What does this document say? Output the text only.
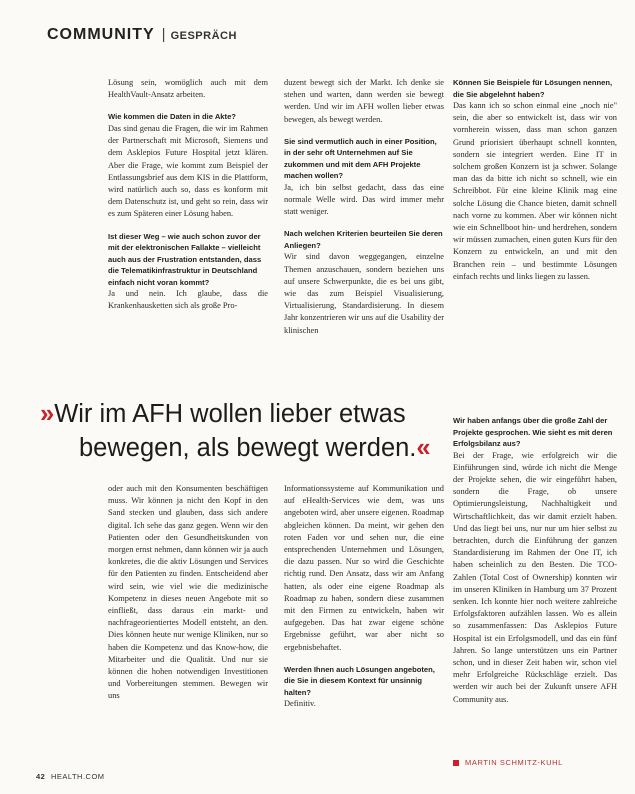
COMMUNITY | GESPRÄCH

Lösung sein, womöglich auch mit dem HealthVault-Ansatz arbeiten.

Wie kommen die Daten in die Akte?

Das sind genau die Fragen, die wir im Rahmen der Partnerschaft mit Microsoft, Siemens und dem Asklepios Future Hospital jetzt klären. Aber die Frage, wie kommt zum Beispiel der Entlassungsbrief aus dem KIS in die Plattform, wird natürlich auch so, dass es konform mit dem Datenschutz ist, und geht so rein, dass wir es zum Späteren einer Lösung haben.

Ist dieser Weg – wie auch schon zuvor der mit der elektronischen Fallakte – vielleicht auch aus der Frustration entstanden, dass die Telematikinfrastruktur in Deutschland einfach nicht voran kommt?

Ja und nein. Ich glaube, dass die Krankenhausketten sich als große Pro-

duzent bewegt sich der Markt. Ich denke sie stehen und warten, dann werden sie bewegt werden. Und wir im AFH wollen lieber etwas bewegen, als bewegt werden.

Sie sind vermutlich auch in einer Position, in der sehr oft Unternehmen auf Sie zukommen und mit dem AFH Projekte machen wollen?

Ja, ich bin selbst gedacht, dass das eine normale Welle wird. Das wird immer mehr statt weniger.

Nach welchen Kriterien beurteilen Sie deren Anliegen?

Wir sind davon weggegangen, einzelne Themen anzuschauen, sondern beziehen uns auf unsere Schwerpunkte, die es bei uns gibt, wie das zum Beispiel Visualisierung, Virtualisierung, Standardisierung. In diesem Jahr konzentrieren wir uns auf die Usability der klinischen

Können Sie Beispiele für Lösungen nennen, die Sie abgelehnt haben?

Das kann ich so schon einmal eine „noch nie" sein, die aber so entwickelt ist, dass wir von vornherein wissen, dass man schon ganzen Grund priorisiert überhaupt schnell konnten, sondern sie integriert werden. Eine IT in solchem großen Konzern ist ja schwer. Solange man das da bitte ich nicht so schnell, wie ein Schreibbot. Für eine kleine Klinik mag eine solche Lösung die Chance bieten, damit schnell nach vorne zu kommen. Aber wir können nicht wie ein Schnellboot hin- und herdrehen, sondern wir müssen zumachen, einen guten Kurs für den Konzern zu entwickeln, an und mit den Branchen rein – und bestimmte Lösungen einfach rechts und links liegen zu lassen.

»Wir im AFH wollen lieber etwas
bewegen, als bewegt werden.«

oder auch mit den Konsumenten beschäftigen muss. Wir können ja nicht den Kopf in den Sand stecken und glauben, dass sich andere digital. Ich sehe das ganz gegen. Wenn wir den Patienten oder den Gesundheitskunden von morgen ernst nehmen, dann können wir ja auch konkretes, die die aktiv Lösungen und Services für den Patienten zu finden. Entscheidend aber wird sein, wie viel wie die medizinische Kompetenz in dieses neuen Angebote mit so einfließt, dass daraus ein markt- und nachfrageorientiertes Modell entsteht, an den. Dies können heute nur wenige Kliniken, nur so haben die Kompetenz und das Know-how, die Mitarbeiter und die Qualität. Und nur sie können die hohen notwendigen Investitionen und Vorbereitungen stemmen. Bewegen wir uns

Informationssysteme auf Kommunikation und auf eHealth-Services wie dem, was uns angeboten wird, aber unsere eigenen. Roadmap abgleichen können. Da meint, wir gehen den roten Faden vor und sehen nur, die eine entsprechenden Unternehmen und Lösungen, die dazu passen. Nur so wird die Geschichte richtig rund. Den Ansatz, dass wir am Anfang hatten, als oder eine eigene Roadmap als Roadmap zu haben, sondern diese zusammen mit den Firmen zu entwickeln, haben wir aufgegeben. Das hat zwar eigene schöne Ergebnisse geführt, war aber nicht so ergebnisbehaftet.

Werden Ihnen auch Lösungen angeboten, die Sie in diesem Kontext für unsinnig halten?

Definitiv.

Wir haben anfangs über die große Zahl der Projekte gesprochen. Wie sieht es mit deren Erfolgsbilanz aus?

Bei der Frage, wie erfolgreich wir die Einführungen sind, würde ich nicht die Menge der Projekte sehen, die wir eingeführt haben, sondern die Frage, ob unsere Optimierungsleistung, Nachhaltigkeit und Wirtschaftlichkeit, das wir damit erzielt haben. Und das liegt bei uns, nur nur um hier selbst zu betrachten, durch die Einführung der ganzen Standardisierung im Rahmen der One IT, ich haben scheinlich zu den Besten. Die TCO-Zahlen (Total Cost of Ownership) konnten wir im unseren Kliniken in Hamburg um 37 Prozent senken. Ich konnte hier noch weitere zahlreiche Erfolgsfaktoren aufzählen lassen. Wo es allein so zusammenfassen: Das Asklepios Future Hospital ist ein Erfolgsmodell, und das ein fünf Jahren. So lange unterstützen uns ein Partner schon, und in dieser Zeit haben wir, schon viel mehr Erfolgreiche Rückschläge erzielt. Das werden wir auch bei der Zukunft unsere AFH Community aus.

MARTIN SCHMITZ-KUHL
42 HEALTH.COM
